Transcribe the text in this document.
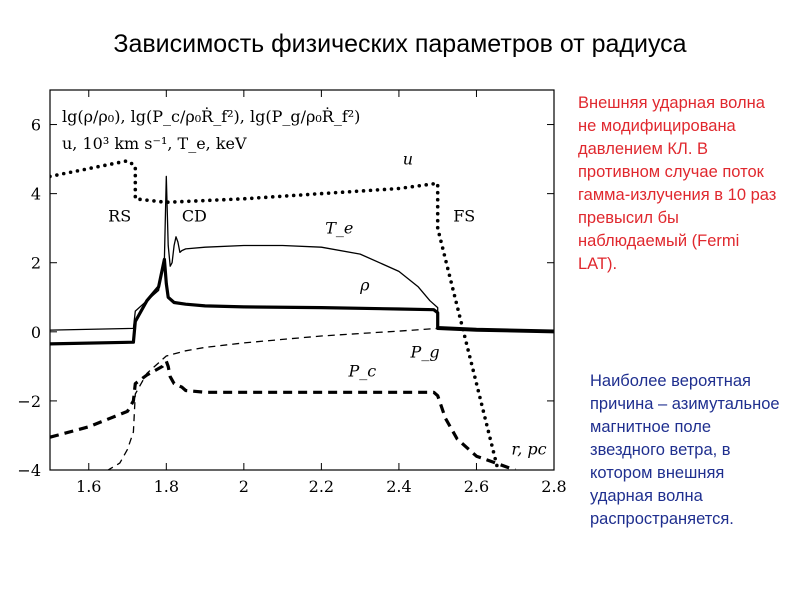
Зависимость физических параметров от радиуса
1.6	1.8	2	2.2	2.4	2.6	2.8
−4
−2
0
2
4
6
u
T_e
ρ
P_g
P_c
RS	CD	FS
r, pc
lg(ρ/ρ₀), lg(P_c/ρ₀Ṙ_f²), lg(P_g/ρ₀Ṙ_f²)
u, 10³ km s⁻¹, T_e, keV
Внешняя ударная волна не модифицирована давлением КЛ. В противном случае поток гамма-излучения в 10 раз превысил бы наблюдаемый (Fermi LAT).
Наиболее вероятная причина – азимутальное магнитное поле звездного ветра, в котором внешняя ударная волна распространяется.
